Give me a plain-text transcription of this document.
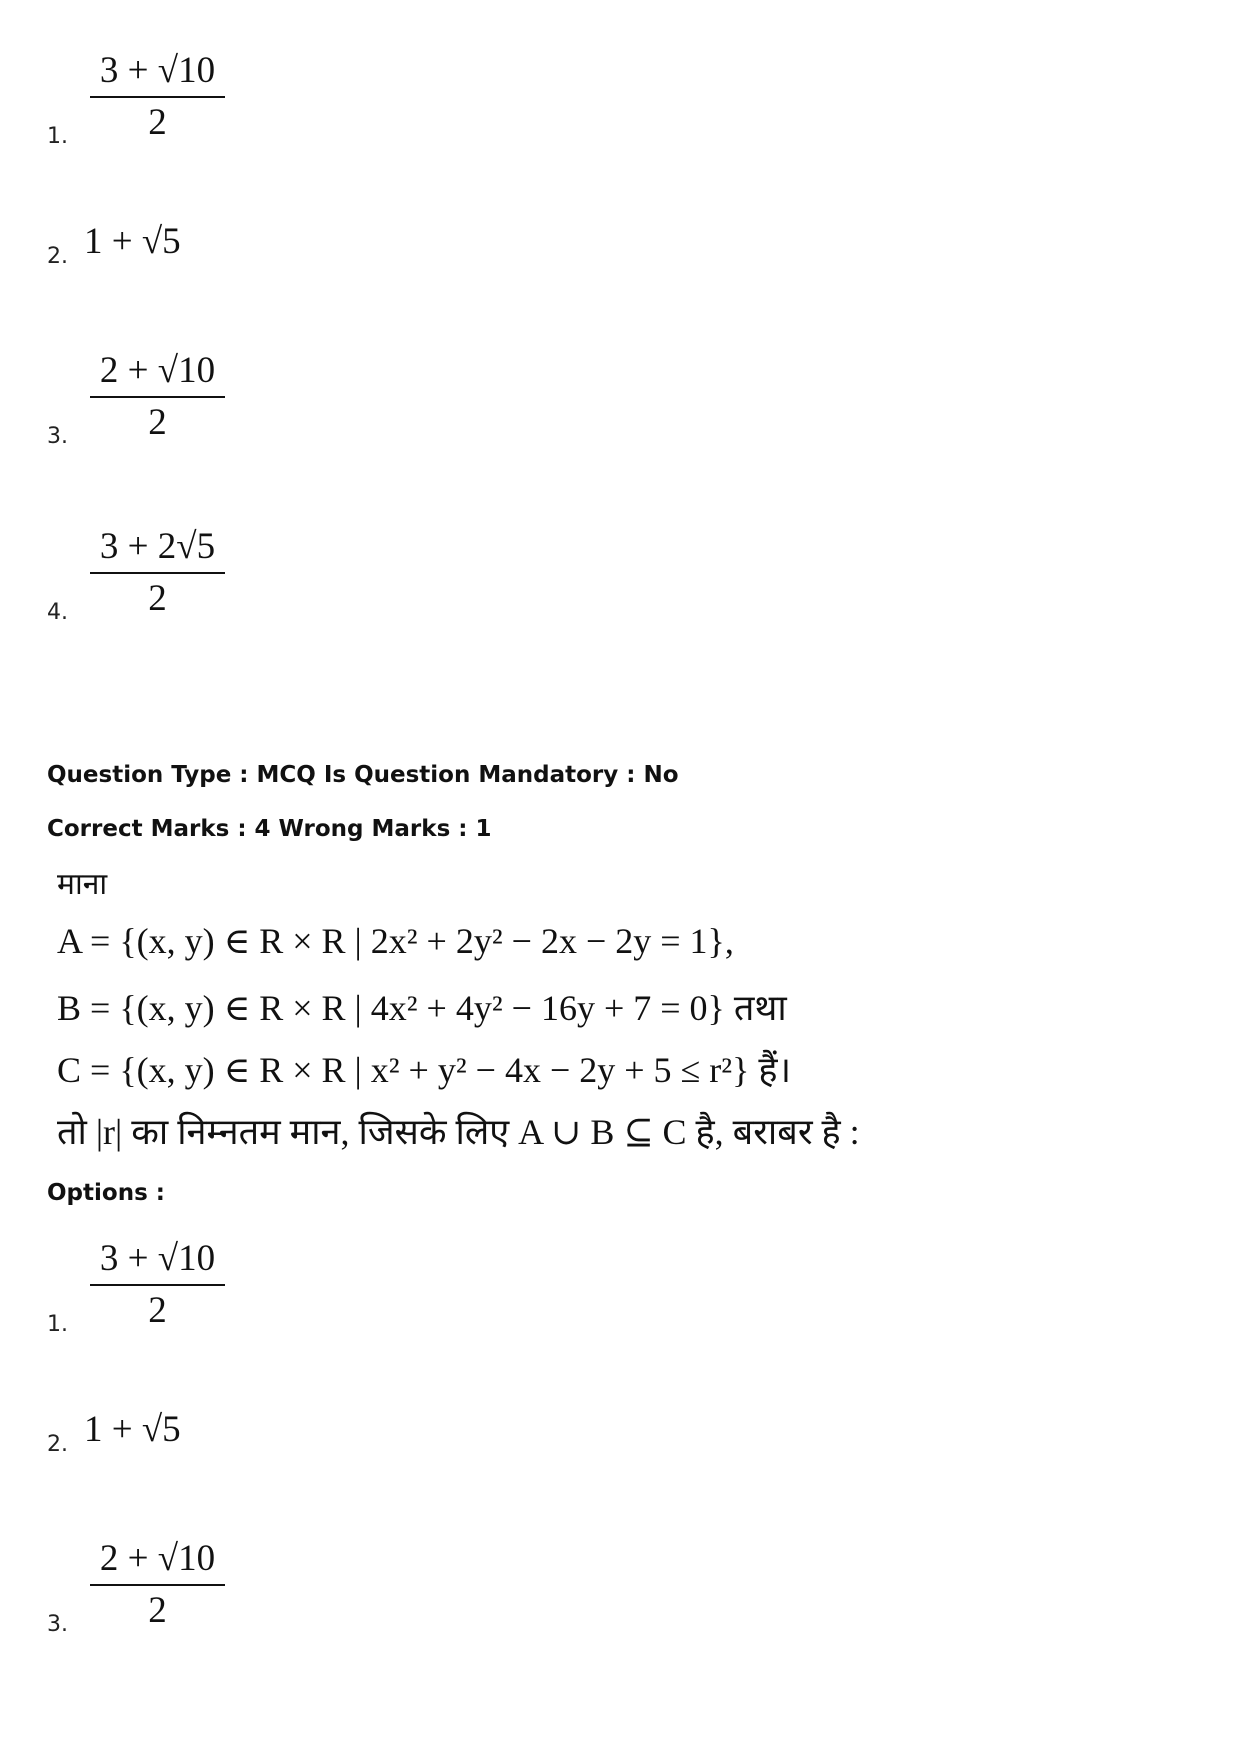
3 + √10
2
1.
1 + √5
2.
2 + √10
2
3.
3 + 2√5
2
4.
Question Type : MCQ Is Question Mandatory : No
Correct Marks : 4 Wrong Marks : 1
माना
A = {(x, y) ∈ R × R | 2x² + 2y² − 2x − 2y = 1},
B = {(x, y) ∈ R × R | 4x² + 4y² − 16y + 7 = 0} तथा
C = {(x, y) ∈ R × R | x² + y² − 4x − 2y + 5 ≤ r²} हैं।
तो |r| का निम्नतम मान, जिसके लिए A ∪ B ⊆ C है, बराबर है :
Options :
3 + √10
2
1.
1 + √5
2.
2 + √10
2
3.
